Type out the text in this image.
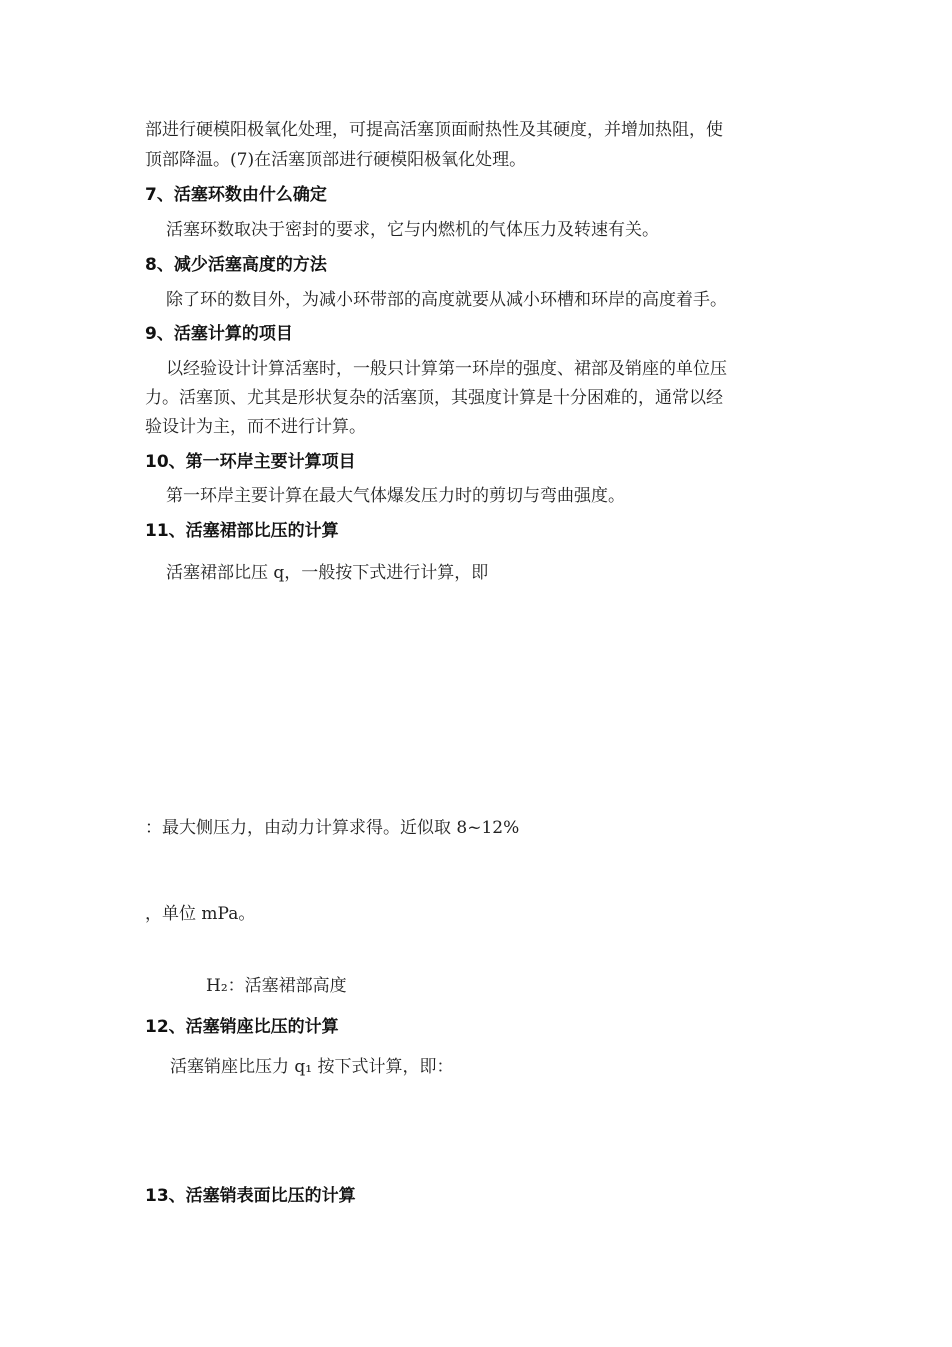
部进行硬模阳极氧化处理，可提高活塞顶面耐热性及其硬度，并增加热阻，使
顶部降温。(7)在活塞顶部进行硬模阳极氧化处理。
7、活塞环数由什么确定
活塞环数取决于密封的要求，它与内燃机的气体压力及转速有关。
8、减少活塞高度的方法
除了环的数目外，为减小环带部的高度就要从减小环槽和环岸的高度着手。
9、活塞计算的项目
以经验设计计算活塞时，一般只计算第一环岸的强度、裙部及销座的单位压
力。活塞顶、尤其是形状复杂的活塞顶，其强度计算是十分困难的，通常以经
验设计为主，而不进行计算。
10、第一环岸主要计算项目
第一环岸主要计算在最大气体爆发压力时的剪切与弯曲强度。
11、活塞裙部比压的计算
活塞裙部比压 q，一般按下式进行计算，即
：最大侧压力，由动力计算求得。近似取 8~12%
，单位 mPa。
H₂：活塞裙部高度
12、活塞销座比压的计算
活塞销座比压力 q₁ 按下式计算，即：
13、活塞销表面比压的计算
